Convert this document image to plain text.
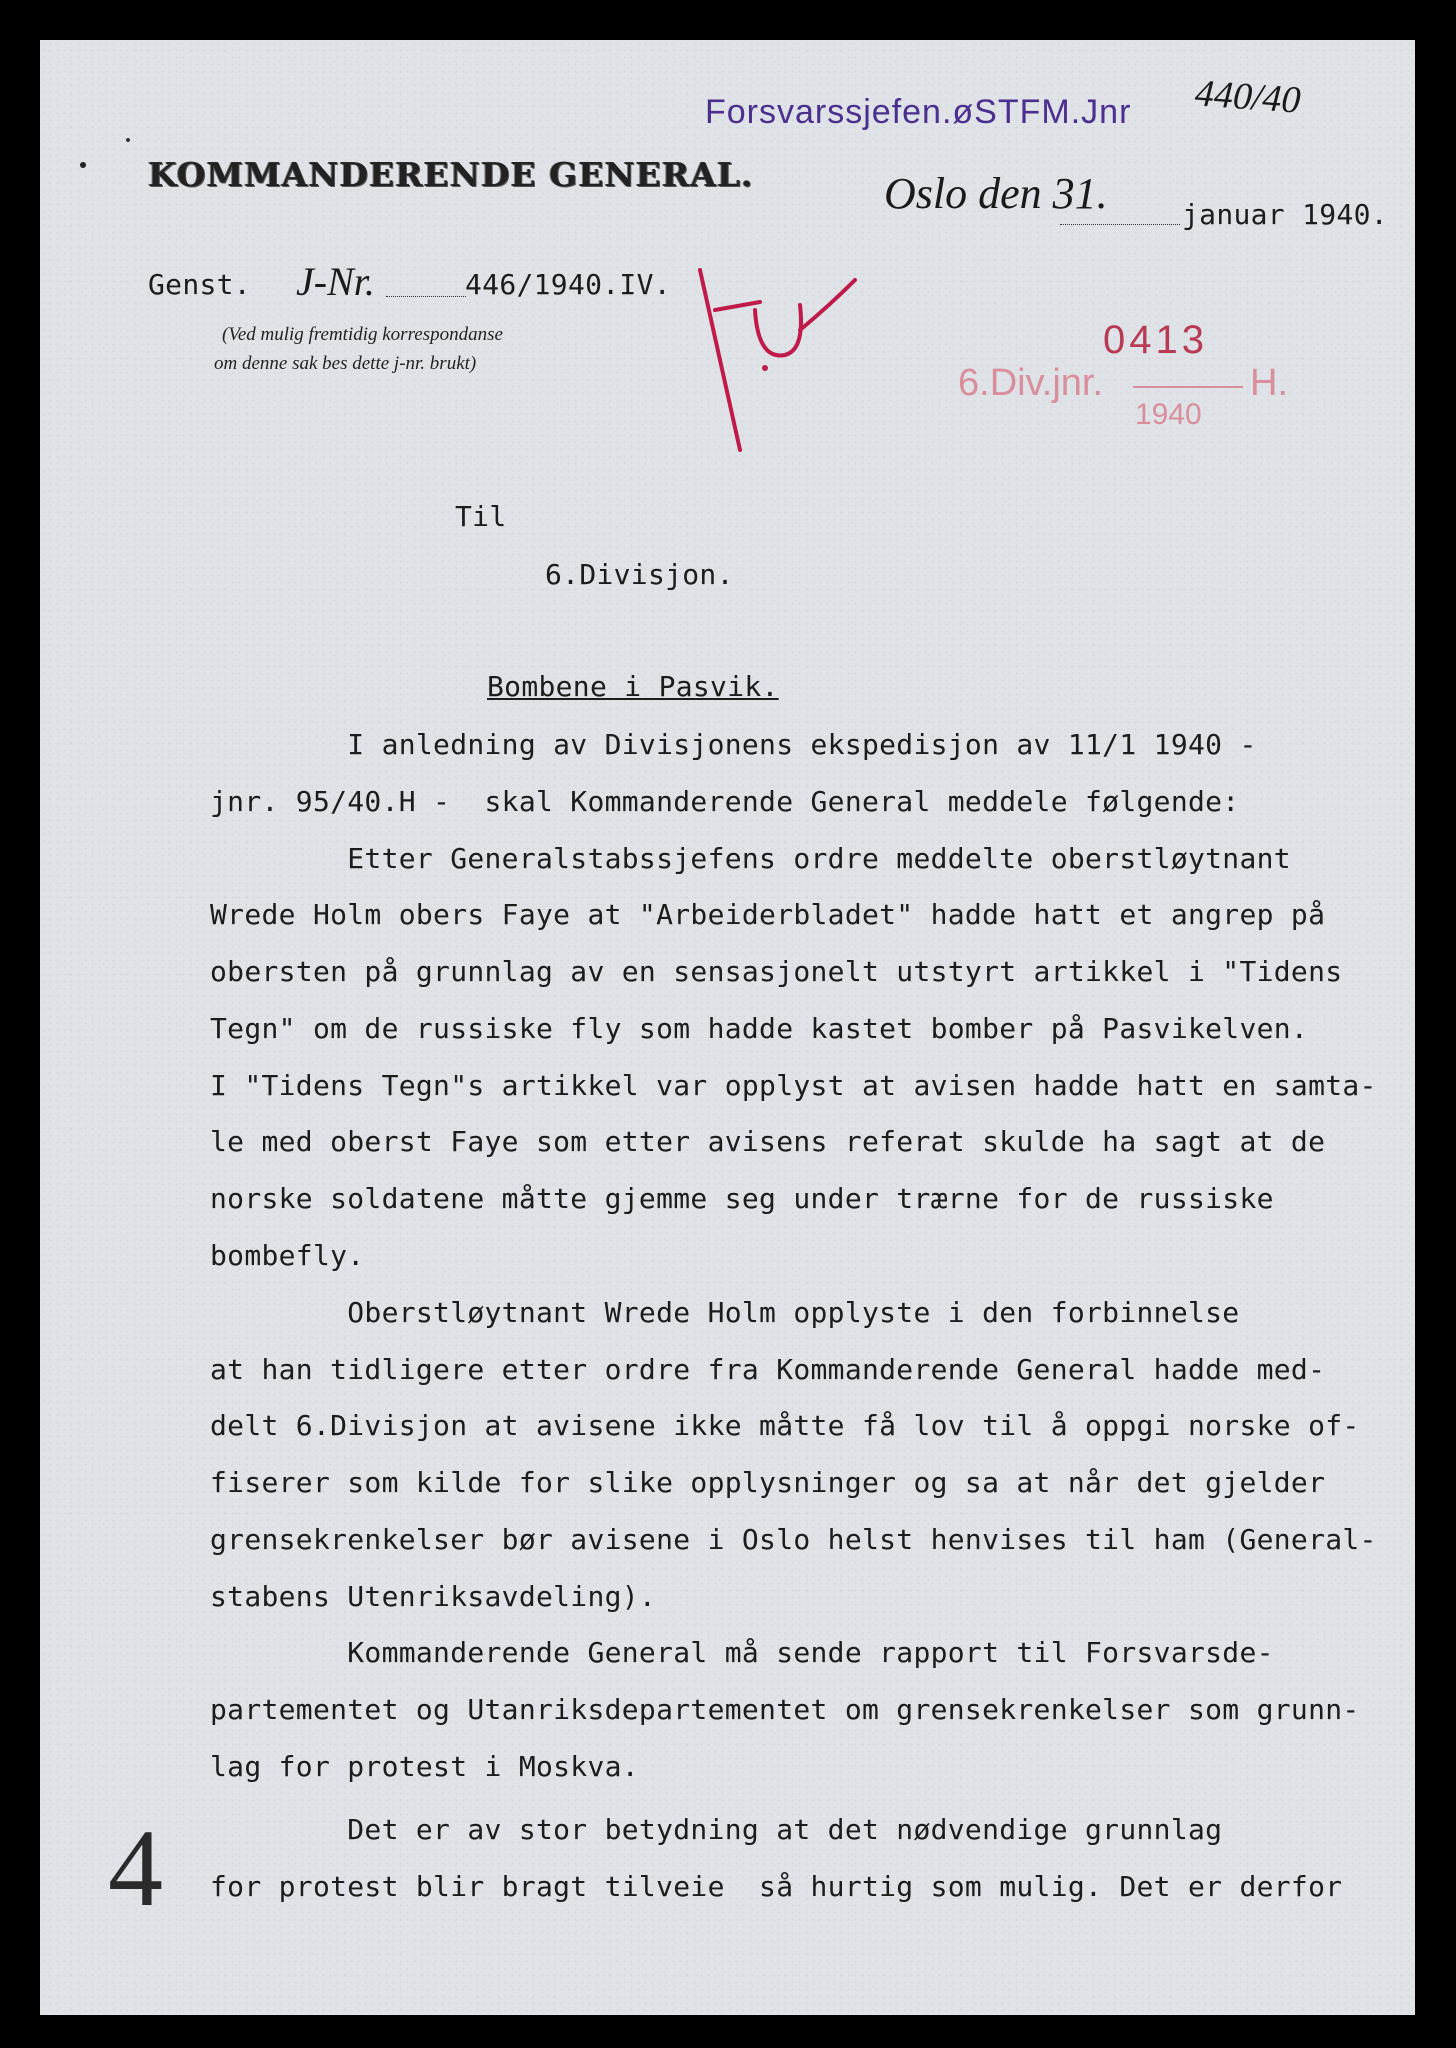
Forsvarssjefen.øSTFM.Jnr 440/40
KOMMANDERENDE GENERAL.	Oslo den 31.	januar 1940.
Genst. J-Nr.	446/1940.IV.
(Ved mulig fremtidig korrespondanse
om denne sak bes dette j-nr. brukt)
0413
6.Div.jnr.	H.
1940
Til
6.Divisjon.
Bombene i Pasvik.
I anledning av Divisjonens ekspedisjon av 11/1 1940 -
jnr. 95/40.H -  skal Kommanderende General meddele følgende:
Etter Generalstabssjefens ordre meddelte oberstløytnant
Wrede Holm obers Faye at "Arbeiderbladet" hadde hatt et angrep på
obersten på grunnlag av en sensasjonelt utstyrt artikkel i "Tidens
Tegn" om de russiske fly som hadde kastet bomber på Pasvikelven.
I "Tidens Tegn"s artikkel var opplyst at avisen hadde hatt en samta-
le med oberst Faye som etter avisens referat skulde ha sagt at de
norske soldatene måtte gjemme seg under trærne for de russiske
bombefly.
Oberstløytnant Wrede Holm opplyste i den forbinnelse
at han tidligere etter ordre fra Kommanderende General hadde med-
delt 6.Divisjon at avisene ikke måtte få lov til å oppgi norske of-
fiserer som kilde for slike opplysninger og sa at når det gjelder
grensekrenkelser bør avisene i Oslo helst henvises til ham (General-
stabens Utenriksavdeling).
Kommanderende General må sende rapport til Forsvarsde-
partementet og Utanriksdepartementet om grensekrenkelser som grunn-
lag for protest i Moskva.
Det er av stor betydning at det nødvendige grunnlag
for protest blir bragt tilveie  så hurtig som mulig. Det er derfor
4
